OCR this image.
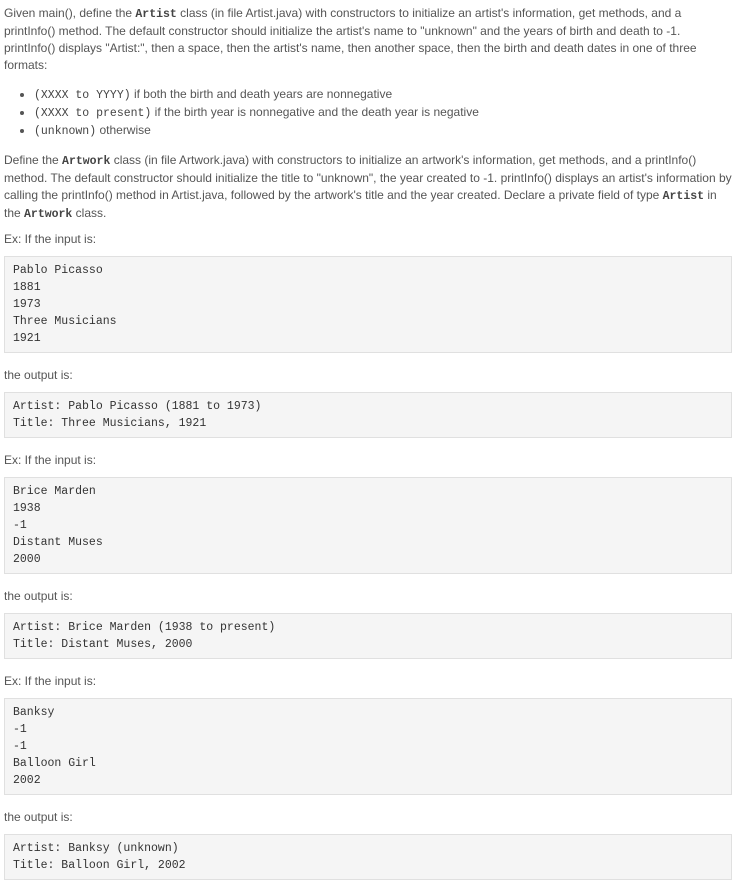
Given main(), define the Artist class (in file Artist.java) with constructors to initialize an artist's information, get methods, and a printInfo() method. The default constructor should initialize the artist's name to "unknown" and the years of birth and death to -1. printInfo() displays "Artist:", then a space, then the artist's name, then another space, then the birth and death dates in one of three formats:

• (XXXX to YYYY) if both the birth and death years are nonnegative
• (XXXX to present) if the birth year is nonnegative and the death year is negative
• (unknown) otherwise

Define the Artwork class (in file Artwork.java) with constructors to initialize an artwork's information, get methods, and a printInfo() method. The default constructor should initialize the title to "unknown", the year created to -1. printInfo() displays an artist's information by calling the printInfo() method in Artist.java, followed by the artwork's title and the year created. Declare a private field of type Artist in the Artwork class.

Ex: If the input is:

Pablo Picasso
1881
1973
Three Musicians
1921

the output is:

Artist: Pablo Picasso (1881 to 1973)
Title: Three Musicians, 1921

Ex: If the input is:

Brice Marden
1938
-1
Distant Muses
2000

the output is:

Artist: Brice Marden (1938 to present)
Title: Distant Muses, 2000

Ex: If the input is:

Banksy
-1
-1
Balloon Girl
2002

the output is:

Artist: Banksy (unknown)
Title: Balloon Girl, 2002
